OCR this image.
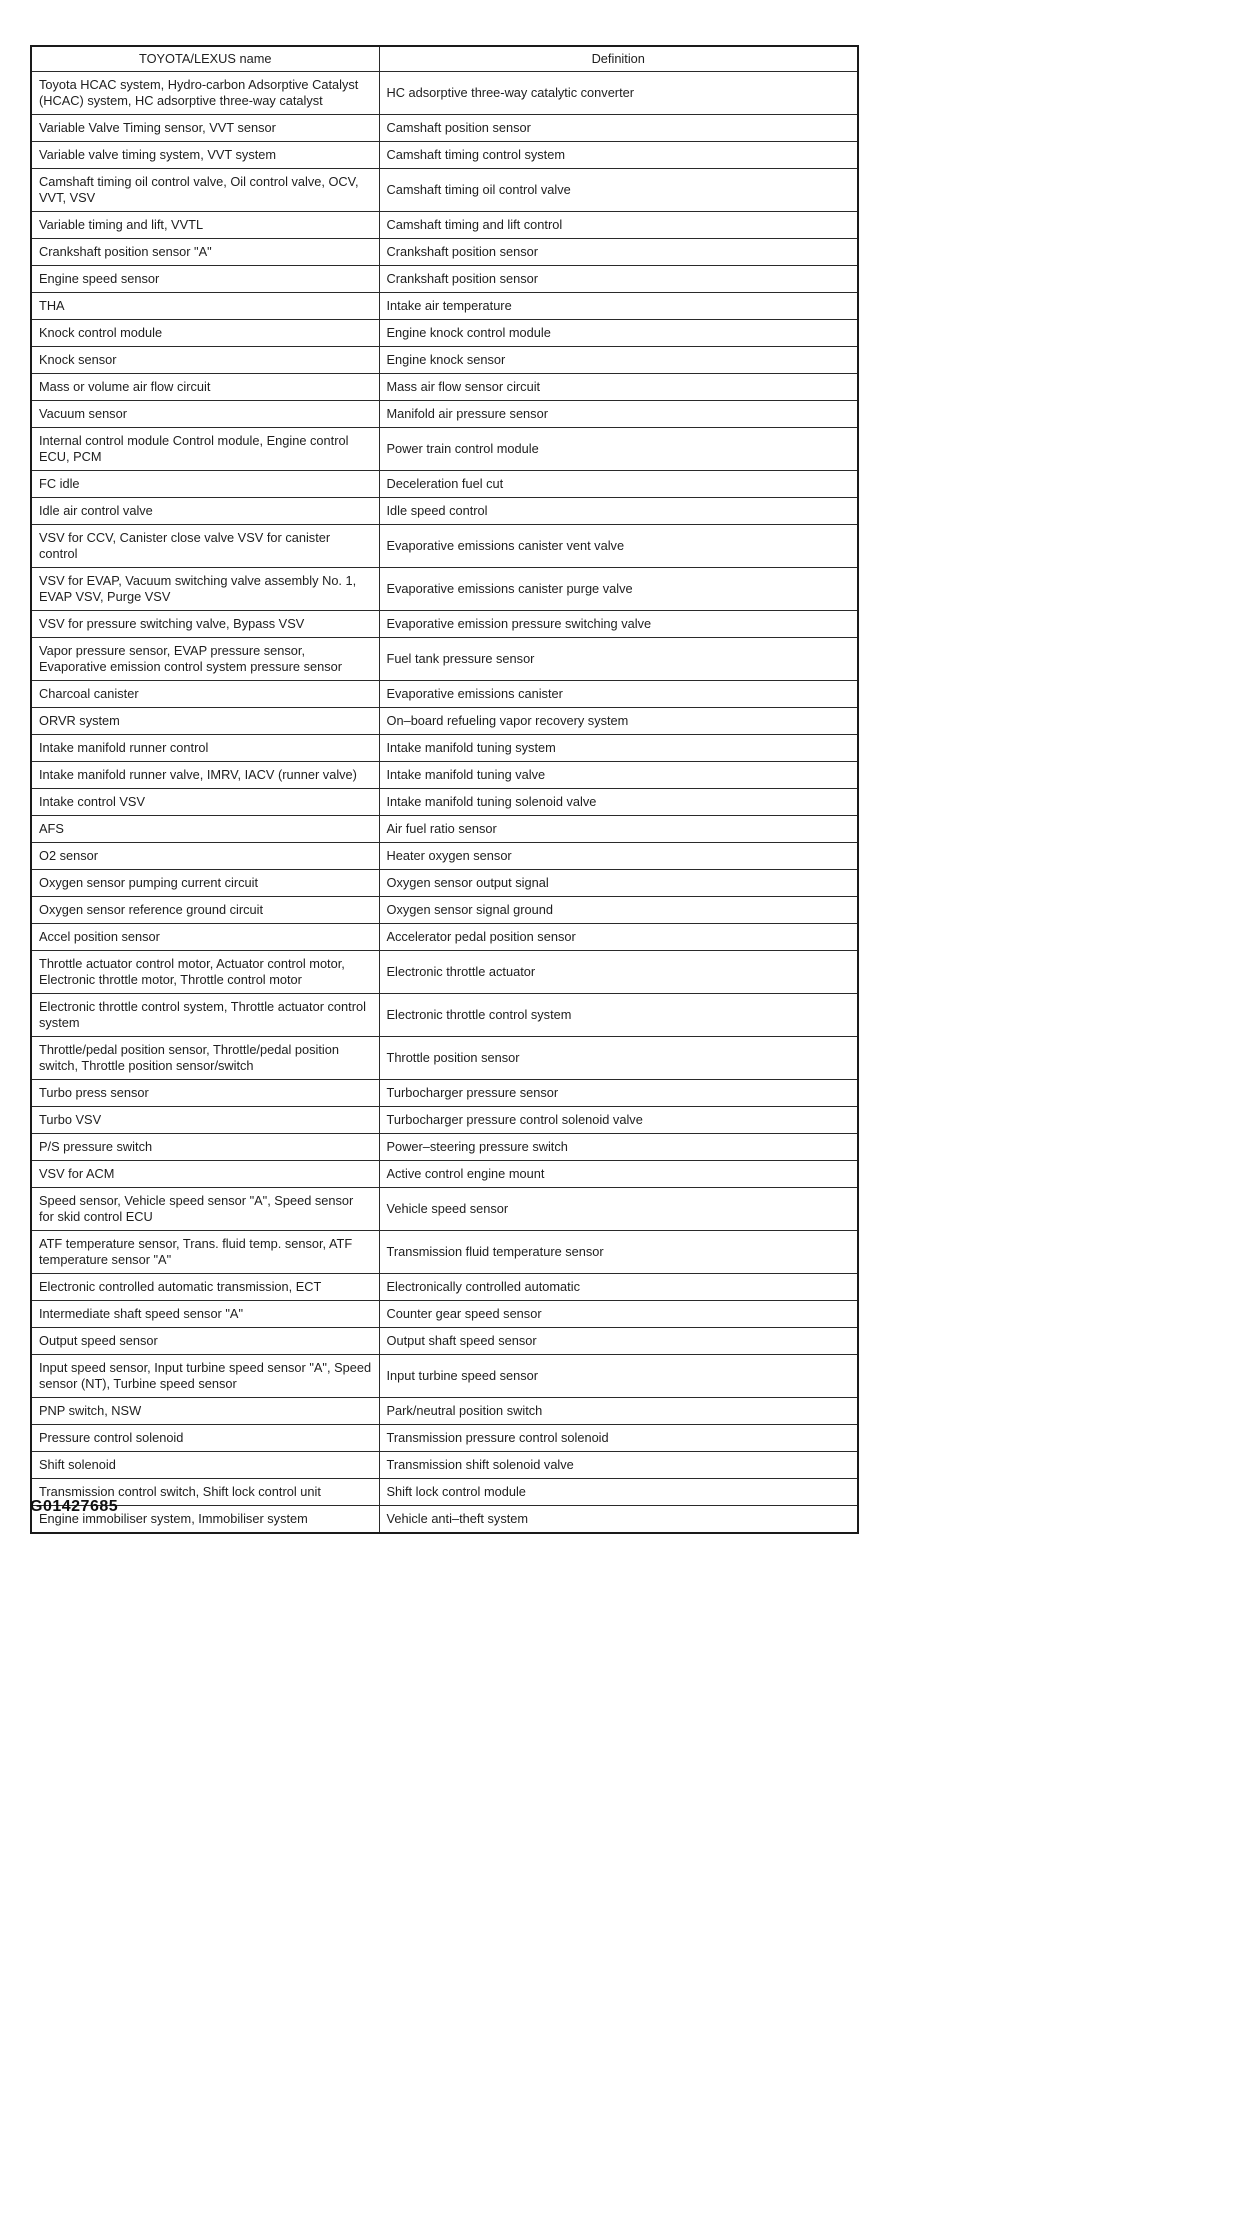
TOYOTA/LEXUS name	Definition
Toyota HCAC system, Hydro-carbon Adsorptive Catalyst (HCAC) system, HC adsorptive three-way catalyst	HC adsorptive three-way catalytic converter
Variable Valve Timing sensor, VVT sensor	Camshaft position sensor
Variable valve timing system, VVT system	Camshaft timing control system
Camshaft timing oil control valve, Oil control valve, OCV, VVT, VSV	Camshaft timing oil control valve
Variable timing and lift, VVTL	Camshaft timing and lift control
Crankshaft position sensor "A"	Crankshaft position sensor
Engine speed sensor	Crankshaft position sensor
THA	Intake air temperature
Knock control module	Engine knock control module
Knock sensor	Engine knock sensor
Mass or volume air flow circuit	Mass air flow sensor circuit
Vacuum sensor	Manifold air pressure sensor
Internal control module Control module, Engine control ECU, PCM	Power train control module
FC idle	Deceleration fuel cut
Idle air control valve	Idle speed control
VSV for CCV, Canister close valve VSV for canister control	Evaporative emissions canister vent valve
VSV for EVAP, Vacuum switching valve assembly No. 1, EVAP VSV, Purge VSV	Evaporative emissions canister purge valve
VSV for pressure switching valve, Bypass VSV	Evaporative emission pressure switching valve
Vapor pressure sensor, EVAP pressure sensor, Evaporative emission control system pressure sensor	Fuel tank pressure sensor
Charcoal canister	Evaporative emissions canister
ORVR system	On–board refueling vapor recovery system
Intake manifold runner control	Intake manifold tuning system
Intake manifold runner valve, IMRV, IACV (runner valve)	Intake manifold tuning valve
Intake control VSV	Intake manifold tuning solenoid valve
AFS	Air fuel ratio sensor
O2 sensor	Heater oxygen sensor
Oxygen sensor pumping current circuit	Oxygen sensor output signal
Oxygen sensor reference ground circuit	Oxygen sensor signal ground
Accel position sensor	Accelerator pedal position sensor
Throttle actuator control motor, Actuator control motor, Electronic throttle motor, Throttle control motor	Electronic throttle actuator
Electronic throttle control system, Throttle actuator control system	Electronic throttle control system
Throttle/pedal position sensor, Throttle/pedal position switch, Throttle position sensor/switch	Throttle position sensor
Turbo press sensor	Turbocharger pressure sensor
Turbo VSV	Turbocharger pressure control solenoid valve
P/S pressure switch	Power–steering pressure switch
VSV for ACM	Active control engine mount
Speed sensor, Vehicle speed sensor "A", Speed sensor for skid control ECU	Vehicle speed sensor
ATF temperature sensor, Trans. fluid temp. sensor, ATF temperature sensor "A"	Transmission fluid temperature sensor
Electronic controlled automatic transmission, ECT	Electronically controlled automatic
Intermediate shaft speed sensor "A"	Counter gear speed sensor
Output speed sensor	Output shaft speed sensor
Input speed sensor, Input turbine speed sensor "A", Speed sensor (NT), Turbine speed sensor	Input turbine speed sensor
PNP switch, NSW	Park/neutral position switch
Pressure control solenoid	Transmission pressure control solenoid
Shift solenoid	Transmission shift solenoid valve
Transmission control switch, Shift lock control unit	Shift lock control module
Engine immobiliser system, Immobiliser system	Vehicle anti–theft system
G01427685
